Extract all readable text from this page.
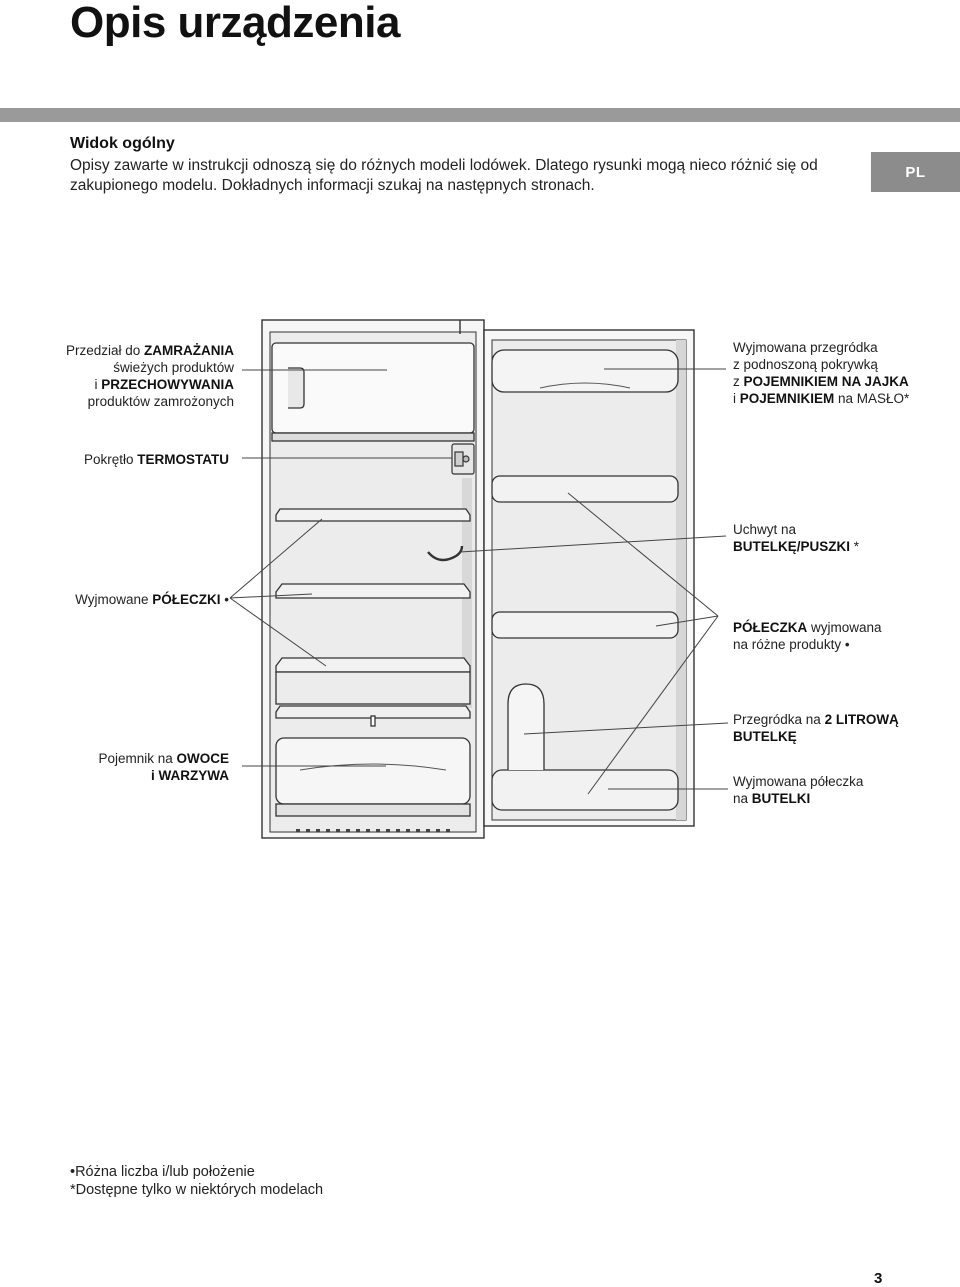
Opis urządzenia
Widok ogólny

Opisy zawarte w instrukcji odnoszą się do różnych modeli lodówek. Dlatego rysunki mogą nieco różnić się od zakupionego modelu. Dokładnych informacji szukaj na następnych stronach.

PL
Przedział do ZAMRAŻANIA
świeżych produktów
i PRZECHOWYWANIA
produktów zamrożonych
Pokrętło TERMOSTATU
Wyjmowane PÓŁECZKI •
Pojemnik na OWOCE
i WARZYWA
Wyjmowana przegródka
z podnoszoną pokrywką
z POJEMNIKIEM NA JAJKA
i POJEMNIKIEM na MASŁO*
Uchwyt na
BUTELKĘ/PUSZKI *
PÓŁECZKA wyjmowana
na różne produkty •
Przegródka na 2 LITROWĄ
BUTELKĘ
Wyjmowana półeczka
na BUTELKI
•Różna liczba i/lub położenie
*Dostępne tylko w niektórych modelach
3
